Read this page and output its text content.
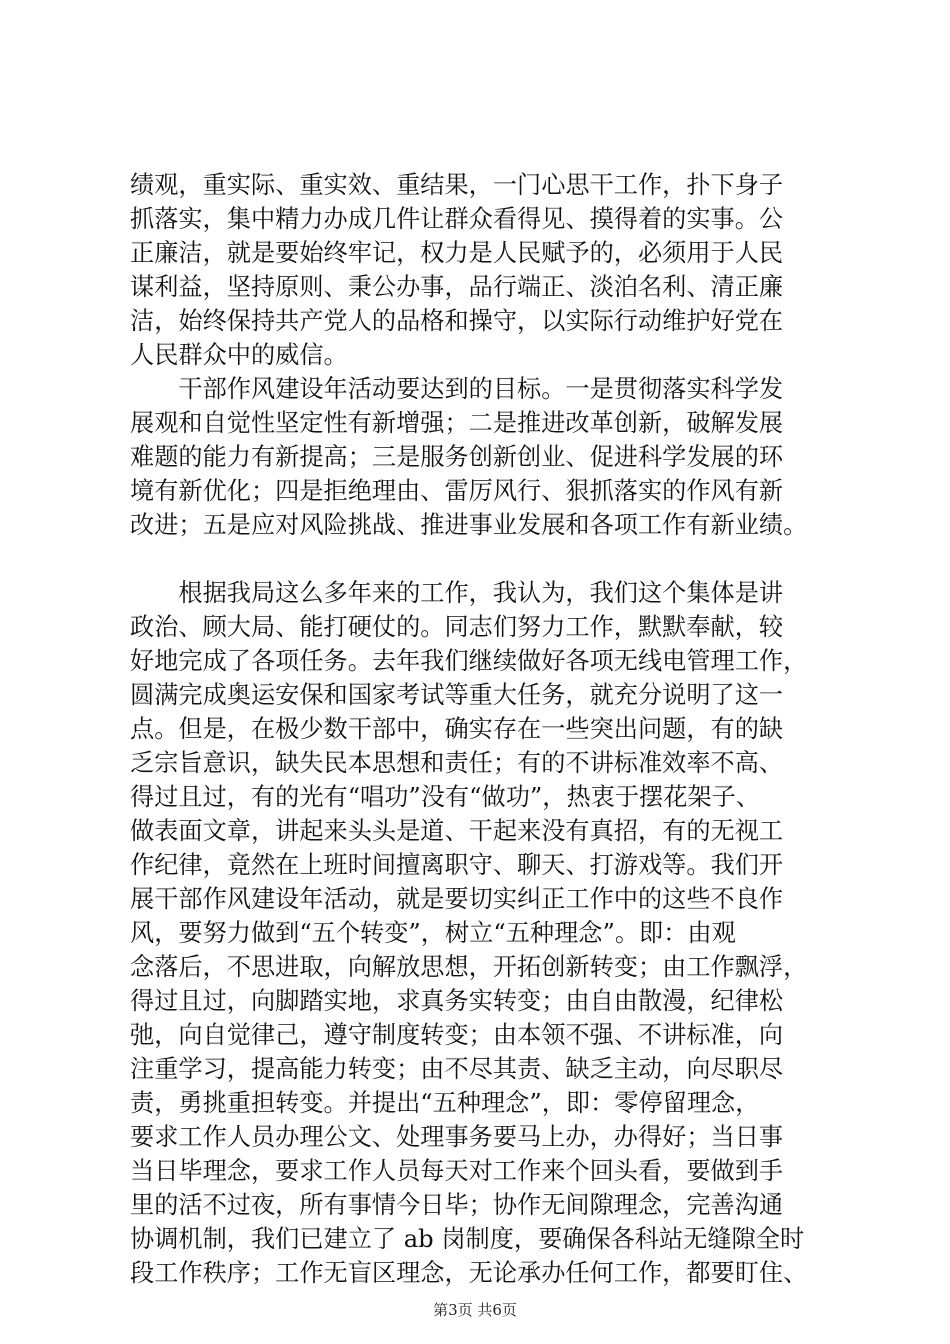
绩观，重实际、重实效、重结果，一门心思干工作，扑下身子
抓落实，集中精力办成几件让群众看得见、摸得着的实事。公
正廉洁，就是要始终牢记，权力是人民赋予的，必须用于人民
谋利益，坚持原则、秉公办事，品行端正、淡泊名利、清正廉
洁，始终保持共产党人的品格和操守，以实际行动维护好党在
人民群众中的威信。
　　干部作风建设年活动要达到的目标。一是贯彻落实科学发
展观和自觉性坚定性有新增强；二是推进改革创新，破解发展
难题的能力有新提高；三是服务创新创业、促进科学发展的环
境有新优化；四是拒绝理由、雷厉风行、狠抓落实的作风有新
改进；五是应对风险挑战、推进事业发展和各项工作有新业绩。
　　根据我局这么多年来的工作，我认为，我们这个集体是讲
政治、顾大局、能打硬仗的。同志们努力工作，默默奉献，较
好地完成了各项任务。去年我们继续做好各项无线电管理工作，
圆满完成奥运安保和国家考试等重大任务，就充分说明了这一
点。但是，在极少数干部中，确实存在一些突出问题，有的缺
乏宗旨意识，缺失民本思想和责任；有的不讲标准效率不高、
得过且过，有的光有“唱功”没有“做功”，热衷于摆花架子、
做表面文章，讲起来头头是道、干起来没有真招，有的无视工
作纪律，竟然在上班时间擅离职守、聊天、打游戏等。我们开
展干部作风建设年活动，就是要切实纠正工作中的这些不良作
风，要努力做到“五个转变”，树立“五种理念”。即：由观
念落后，不思进取，向解放思想，开拓创新转变；由工作飘浮，
得过且过，向脚踏实地，求真务实转变；由自由散漫，纪律松
弛，向自觉律己，遵守制度转变；由本领不强、不讲标准，向
注重学习，提高能力转变；由不尽其责、缺乏主动，向尽职尽
责，勇挑重担转变。并提出“五种理念”，即：零停留理念，
要求工作人员办理公文、处理事务要马上办，办得好；当日事
当日毕理念，要求工作人员每天对工作来个回头看，要做到手
里的活不过夜，所有事情今日毕；协作无间隙理念，完善沟通
协调机制，我们已建立了 ab 岗制度，要确保各科站无缝隙全时
段工作秩序；工作无盲区理念，无论承办任何工作，都要盯住、
第3页 共6页
